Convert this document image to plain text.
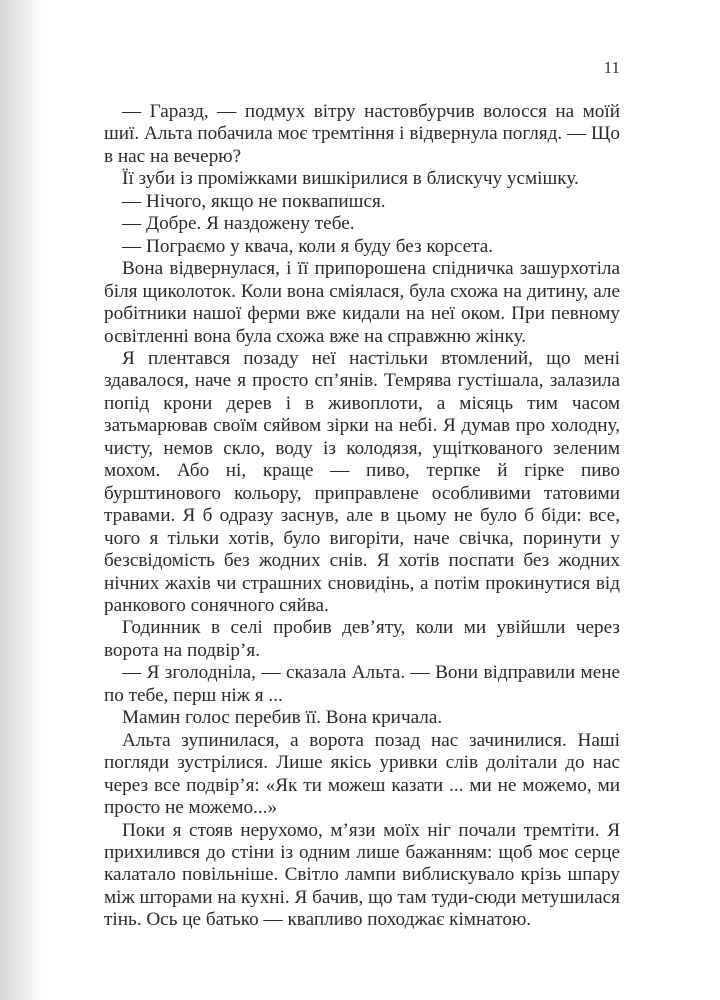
11

— Гаразд, — подмух вітру настовбурчив волосся на моїй шиї. Альта побачила моє тремтіння і відвернула погляд. — Що в нас на вечерю?

Її зуби із проміжками вишкірилися в блискучу усмішку.

— Нічого, якщо не поквапишся.

— Добре. Я наздожену тебе.

— Пограємо у квача, коли я буду без корсета.

Вона відвернулася, і її припорошена спідничка зашурхотіла біля щиколоток. Коли вона сміялася, була схожа на дитину, але робітники нашої ферми вже кидали на неї оком. При певному освітленні вона була схожа вже на справжню жінку.

Я плентався позаду неї настільки втомлений, що мені здавалося, наче я просто сп’янів. Темрява густішала, залазила попід крони дерев і в живоплоти, а місяць тим часом затьмарював своїм сяйвом зірки на небі. Я думав про холодну, чисту, немов скло, воду із колодязя, ущіткованого зеленим мохом. Або ні, краще — пиво, терпке й гірке пиво бурштинового кольору, приправлене особливими татовими травами. Я б одразу заснув, але в цьому не було б біди: все, чого я тільки хотів, було вигоріти, наче свічка, поринути у безсвідомість без жодних снів. Я хотів поспати без жодних нічних жахів чи страшних сновидінь, а потім прокинутися від ранкового сонячного сяйва.

Годинник в селі пробив дев’яту, коли ми увійшли через ворота на подвір’я.

— Я зголодніла, — сказала Альта. — Вони відправили мене по тебе, перш ніж я ...

Мамин голос перебив її. Вона кричала.

Альта зупинилася, а ворота позад нас зачинилися. Наші погляди зустрілися. Лише якісь уривки слів долітали до нас через все подвір’я: «Як ти можеш казати ... ми не можемо, ми просто не можемо...»

Поки я стояв нерухомо, м’язи моїх ніг почали тремтіти. Я прихилився до стіни із одним лише бажанням: щоб моє серце калатало повільніше. Світло лампи виблискувало крізь шпару між шторами на кухні. Я бачив, що там туди-сюди метушилася тінь. Ось це батько — квапливо походжає кімнатою.
